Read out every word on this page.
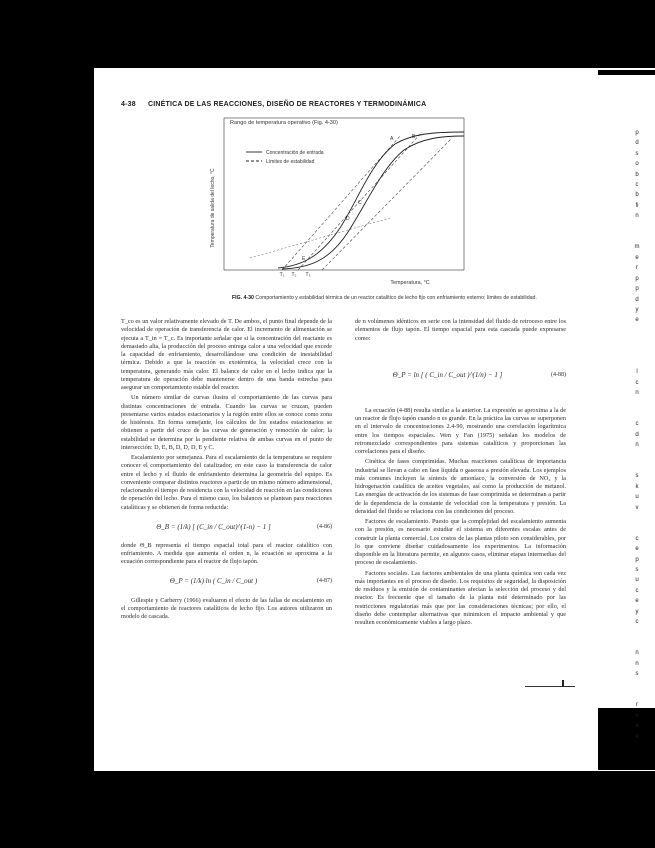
p
d
s
o
b
c
b
fi
n

m
e
r
p
p
d
y
e

l
c
n

c
d
n

s
k
u
v

c
e
p
s
u
c
e
y
c

n
n
s

r
v
e
e

4-38 CINÉTICA DE LAS REACCIONES, DISEÑO DE REACTORES Y TERMODINÁMICA
Rango de temperatura operativo (Fig. 4-30)
Temperatura de salida del lecho, °C
Temperatura, °C
Concentración de entrada
Límites de estabilidad
A	B
C
D
E
T₁ T₂ T₃
FIG. 4-30 Comportamiento y estabilidad térmica de un reactor catalítico de lecho fijo con enfriamiento externo; límites de estabilidad.

T_co es un valor relativamente elevado de T. De ambos, el punto final depende de la velocidad de operación de transferencia de calor. El incremento de alimentación se ejecuta a T_in = T_c. Es importante señalar que si la concentración del reactante es demasiado alta, la producción del proceso entrega calor a una velocidad que excede la capacidad de enfriamiento, desarrollándose una condición de inestabilidad térmica. Debido a que la reacción es exotérmica, la velocidad crece con la temperatura, generando más calor. El balance de calor en el lecho indica que la temperatura de operación debe mantenerse dentro de una banda estrecha para asegurar un comportamiento estable del reactor.

Un número similar de curvas ilustra el comportamiento de las curvas para distintas concentraciones de entrada. Cuando las curvas se cruzan, pueden presentarse varios estados estacionarios y la región entre ellos se conoce como zona de histéresis. En forma semejante, los cálculos de los estados estacionarios se obtienen a partir del cruce de las curvas de generación y remoción de calor; la estabilidad se determina por la pendiente relativa de ambas curvas en el punto de intersección: D, E, B, D, D, D, E y C.

Escalamiento por semejanza. Para el escalamiento de la temperatura se requiere conocer el comportamiento del catalizador; en este caso la transferencia de calor entre el lecho y el fluido de enfriamiento determina la geometría del equipo. Es conveniente comparar distintos reactores a partir de un mismo número adimensional, relacionando el tiempo de residencia con la velocidad de reacción en las condiciones de operación del lecho. Para el mismo caso, los balances se plantean para reacciones catalíticas y se obtienen de forma reducida:

Θ_B = (1/k) [ (C_in / C_out)^(1-n) − 1 ]	(4-86)

donde Θ_B representa el tiempo espacial total para el reactor catalítico con enfriamiento. A medida que aumenta el orden n, la ecuación se aproxima a la ecuación correspondiente para el reactor de flujo tapón.

Θ_P = (1/k) ln ( C_in / C_out )	(4-87)

Gillespie y Carberry (1966) evaluaron el efecto de las fallas de escalamiento en el comportamiento de reactores catalíticos de lecho fijo. Los autores utilizaron un modelo de cascada.

de n volúmenes idénticos en serie con la intensidad del fluido de retroceso entre los elementos de flujo tapón. El tiempo espacial para esta cascada puede expresarse como:

Θ_P = ln [ ( C_in / C_out )^(1/n) − 1 ]	(4-88)

La ecuación (4-88) resulta similar a la anterior. La expresión se aproxima a la de un reactor de flujo tapón cuando n es grande. En la práctica las curvas se superponen en el intervalo de concentraciones 2.4-90, mostrando una correlación logarítmica entre los tiempos espaciales. Wen y Fan (1975) señalan los modelos de retromezclado correspondientes para sistemas catalíticos y proporcionan las correlaciones para el diseño.

Cinética de fases comprimidas. Muchas reacciones catalíticas de importancia industrial se llevan a cabo en fase líquida o gaseosa a presión elevada. Los ejemplos más comunes incluyen la síntesis de amoníaco, la conversión de NO₂ y la hidrogenación catalítica de aceites vegetales, así como la producción de metanol. Las energías de activación de los sistemas de fase comprimida se determinan a partir de la dependencia de la constante de velocidad con la temperatura y presión. La densidad del fluido se relaciona con las condiciones del proceso.

Factores de escalamiento. Puesto que la complejidad del escalamiento aumenta con la presión, es necesario estudiar el sistema en diferentes escalas antes de construir la planta comercial. Los costos de las plantas piloto son considerables, por lo que conviene diseñar cuidadosamente los experimentos. La información disponible en la literatura permite, en algunos casos, eliminar etapas intermedias del proceso de escalamiento.

Factores sociales. Las factores ambientales de una planta química son cada vez más importantes en el proceso de diseño. Los requisitos de seguridad, la disposición de residuos y la emisión de contaminantes afectan la selección del proceso y del reactor. Es frecuente que el tamaño de la planta esté determinado por las restricciones regulatorias más que por las consideraciones técnicas; por ello, el diseño debe contemplar alternativas que minimicen el impacto ambiental y que resulten económicamente viables a largo plazo.
